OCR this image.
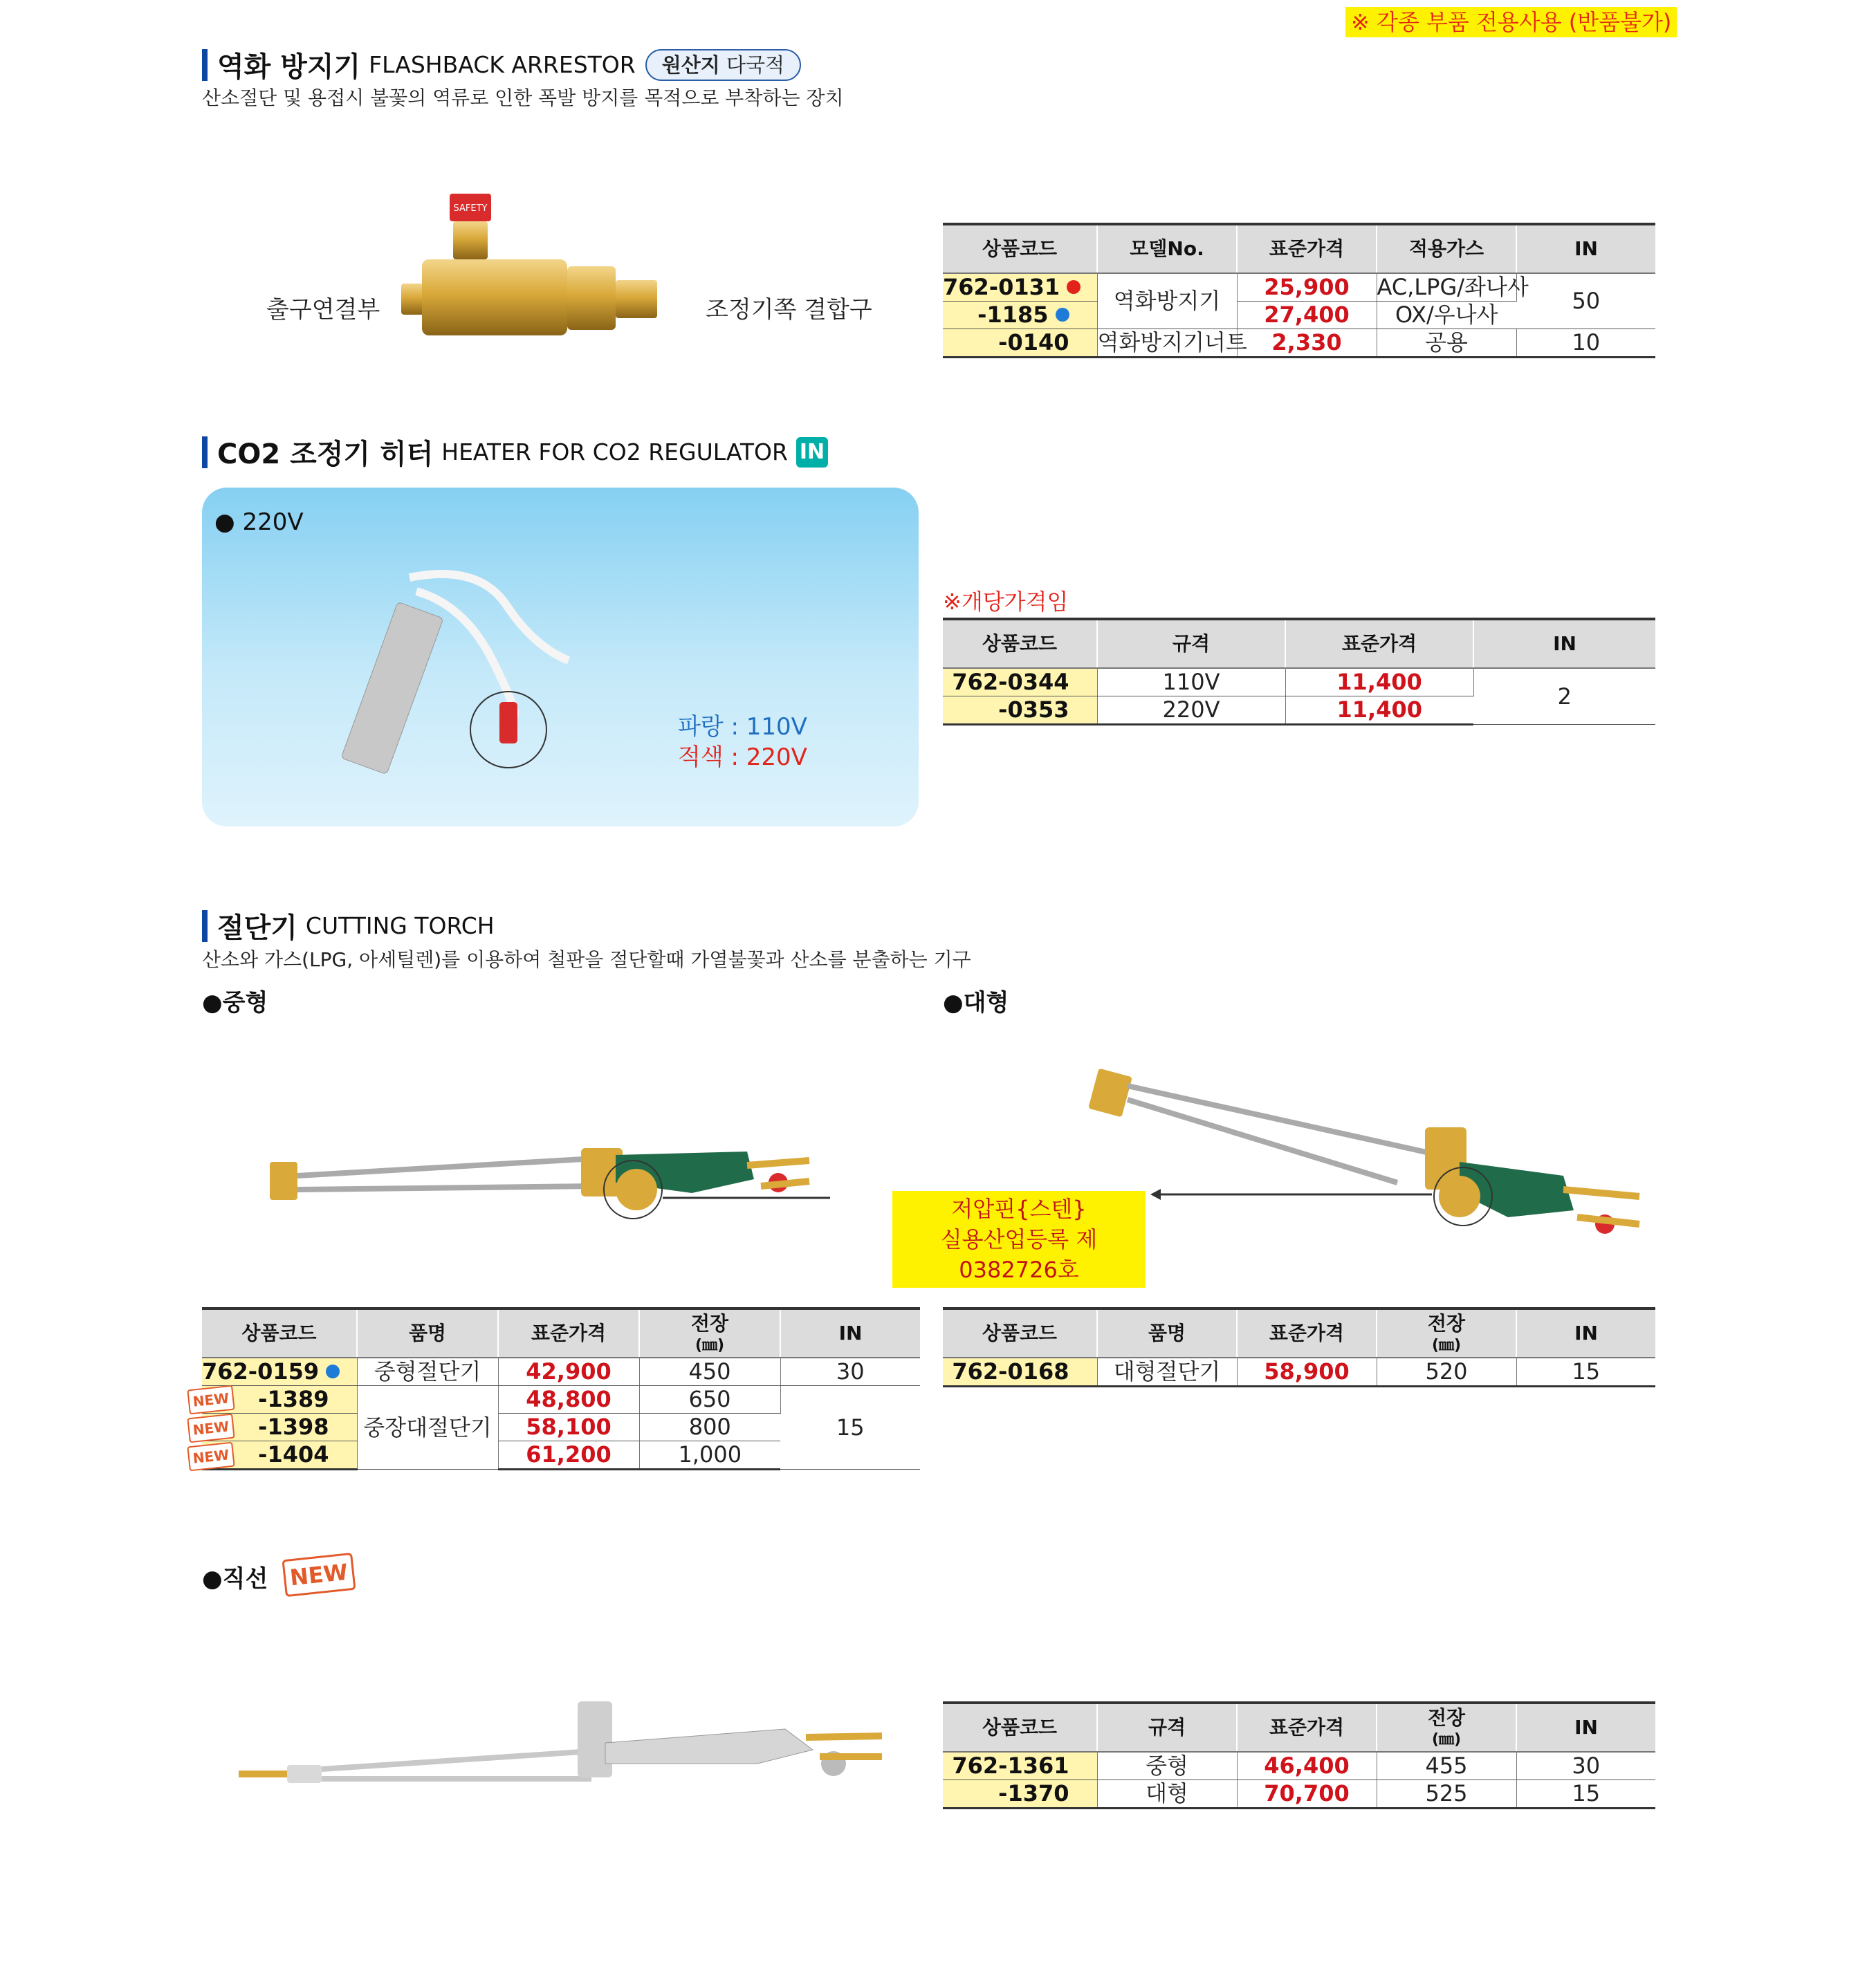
※ 각종 부품 전용사용 (반품불가)
역화 방지기 FLASHBACK ARRESTOR	원산지 다국적
산소절단 및 용접시 불꽃의 역류로 인한 폭발 방지를 목적으로 부착하는 장치
출구연결부	조정기쪽 결합구
SAFETY
상품코드	모델No.	표준가격	적용가스	IN
762-0131	역화방지기	25,900	AC,LPG/좌나사	50
-1185		27,400	OX/우나사	
-0140	역화방지기너트	2,330	공용	10
CO2 조정기 히터 HEATER FOR CO2 REGULATOR IN
● 220V
파랑 : 110V
적색 : 220V
※개당가격임
상품코드	규격	표준가격	IN
762-0344	110V	11,400	2
-0353	220V	11,400	
절단기 CUTTING TORCH
산소와 가스(LPG, 아세틸렌)를 이용하여 철판을 절단할때 가열불꽃과 산소를 분출하는 기구
●중형	●대형
저압핀{스텐}
실용산업등록 제 0382726호
상품코드	품명	표준가격	전장
(㎜)	IN
762-0159	중형절단기	42,900	450	30
-1389	중장대절단기	48,800	650	15
-1398		58,100	800	
-1404		61,200	1,000	
NEW
NEW
NEW
상품코드	품명	표준가격	전장
(㎜)	IN
762-0168	대형절단기	58,900	520	15
●직선 NEW
상품코드	규격	표준가격	전장
(㎜)	IN
762-1361	중형	46,400	455	30
-1370	대형	70,700	525	15
